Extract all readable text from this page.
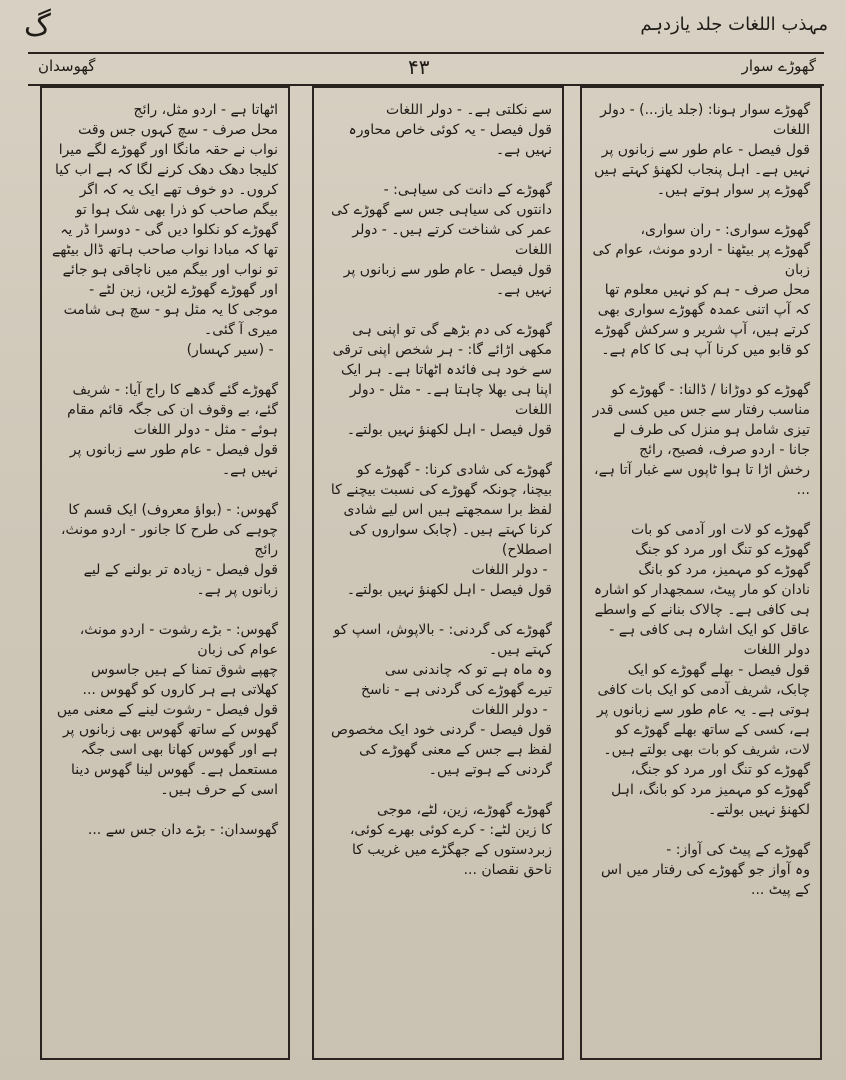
گ	مہذب اللغات جلد یازدہم
گھوسدان	۴۳	گھوڑے سوار
اٹھاتا ہے - اردو مثل، رائج
محل صرف - سچ کہوں جس وقت نواب نے حقہ مانگا اور گھوڑے لگے میرا کلیجا دھک دھک کرنے لگا کہ ہے اب کیا کروں۔ دو خوف تھے ایک یہ کہ اگر بیگم صاحب کو ذرا بھی شک ہوا تو گھوڑے کو نکلوا دیں گی - دوسرا ڈر یہ تھا کہ مبادا نواب صاحب ہاتھ ڈال بیٹھے تو نواب اور بیگم میں ناچاقی ہو جائے اور گھوڑے گھوڑے لڑیں، زین لٹے - موجی کا یہ مثل ہو - سچ ہی شامت میری آ گئی۔
- (سیر کہسار)

گھوڑے گئے گدھے کا راج آیا: - شریف گئے، بے وقوف ان کی جگہ قائم مقام ہوئے - مثل - دولر اللغات
قول فیصل - عام طور سے زبانوں پر نہیں ہے۔

گھوس: - (بواؤ معروف) ایک قسم کا چوہے کی طرح کا جانور - اردو مونث، رائج
قول فیصل - زیادہ تر بولنے کے لیے زبانوں پر ہے۔

گھوس: - بڑے رشوت - اردو مونث، عوام کی زبان
چھپے شوق تمنا کے ہیں جاسوس
کھلاتی ہے ہر کاروں کو گھوس ...
قول فیصل - رشوت لینے کے معنی میں گھوس کے ساتھ گھوس بھی زبانوں پر ہے اور گھوس کھانا بھی اسی جگہ مستعمل ہے۔ گھوس لینا گھوس دینا اسی کے حرف ہیں۔

گھوسدان: - بڑے دان جس سے ...
سے نکلتی ہے۔ - دولر اللغات
قول فیصل - یہ کوئی خاص محاورہ نہیں ہے۔

گھوڑے کے دانت کی سیاہی: -
دانتوں کی سیاہی جس سے گھوڑے کی عمر کی شناخت کرتے ہیں۔ - دولر اللغات
قول فیصل - عام طور سے زبانوں پر نہیں ہے۔

گھوڑے کی دم بڑھے گی تو اپنی ہی مکھی اڑائے گا: - ہر شخص اپنی ترقی سے خود ہی فائدہ اٹھاتا ہے۔ ہر ایک اپنا ہی بھلا چاہتا ہے۔ - مثل - دولر اللغات
قول فیصل - اہل لکھنؤ نہیں بولتے۔

گھوڑے کی شادی کرنا: - گھوڑے کو بیچنا، چونکہ گھوڑے کی نسبت بیچنے کا لفظ برا سمجھتے ہیں اس لیے شادی کرنا کہتے ہیں۔ (چابک سواروں کی اصطلاح)
- دولر اللغات
قول فیصل - اہل لکھنؤ نہیں بولتے۔

گھوڑے کی گردنی: - بالاپوش، اسپ کو کہتے ہیں۔
وہ ماہ ہے تو کہ چاندنی سی
تیرے گھوڑے کی گردنی ہے - ناسخ
- دولر اللغات
قول فیصل - گردنی خود ایک مخصوص لفظ ہے جس کے معنی گھوڑے کی گردنی کے ہوتے ہیں۔

گھوڑے گھوڑے، زین، لٹے، موجی
کا زین لٹے: - کرے کوئی بھرے کوئی، زبردستوں کے جھگڑے میں غریب کا ناحق نقصان ...
گھوڑے سوار ہونا: (جلد یاز...) - دولر اللغات
قول فیصل - عام طور سے زبانوں پر نہیں ہے۔ اہل پنجاب لکھنؤ کہتے ہیں گھوڑے پر سوار ہوتے ہیں۔

گھوڑے سواری: - ران سواری،
گھوڑے پر بیٹھنا - اردو مونث، عوام کی زبان
محل صرف - ہم کو نہیں معلوم تھا کہ آپ اتنی عمدہ گھوڑے سواری بھی کرتے ہیں، آپ شریر و سرکش گھوڑے کو قابو میں کرنا آپ ہی کا کام ہے۔

گھوڑے کو دوڑانا / ڈالنا: - گھوڑے کو مناسب رفتار سے جس میں کسی قدر تیزی شامل ہو منزل کی طرف لے جانا - اردو صرف، فصیح، رائج
رخش اڑا تا ہوا ٹاپوں سے غبار آتا ہے، ...

گھوڑے کو لات اور آدمی کو بات
گھوڑے کو تنگ اور مرد کو جنگ
گھوڑے کو مہمیز، مرد کو بانگ
نادان کو مار پیٹ، سمجھدار کو اشارہ ہی کافی ہے۔ چالاک بنانے کے واسطے عاقل کو ایک اشارہ ہی کافی ہے - دولر اللغات
قول فیصل - بھلے گھوڑے کو ایک چابک، شریف آدمی کو ایک بات کافی ہوتی ہے۔ یہ عام طور سے زبانوں پر ہے، کسی کے ساتھ بھلے گھوڑے کو لات، شریف کو بات بھی بولتے ہیں۔ گھوڑے کو تنگ اور مرد کو جنگ، گھوڑے کو مہمیز مرد کو بانگ، اہل لکھنؤ نہیں بولتے۔

گھوڑے کے پیٹ کی آواز: -
وہ آواز جو گھوڑے کی رفتار میں اس کے پیٹ ...
